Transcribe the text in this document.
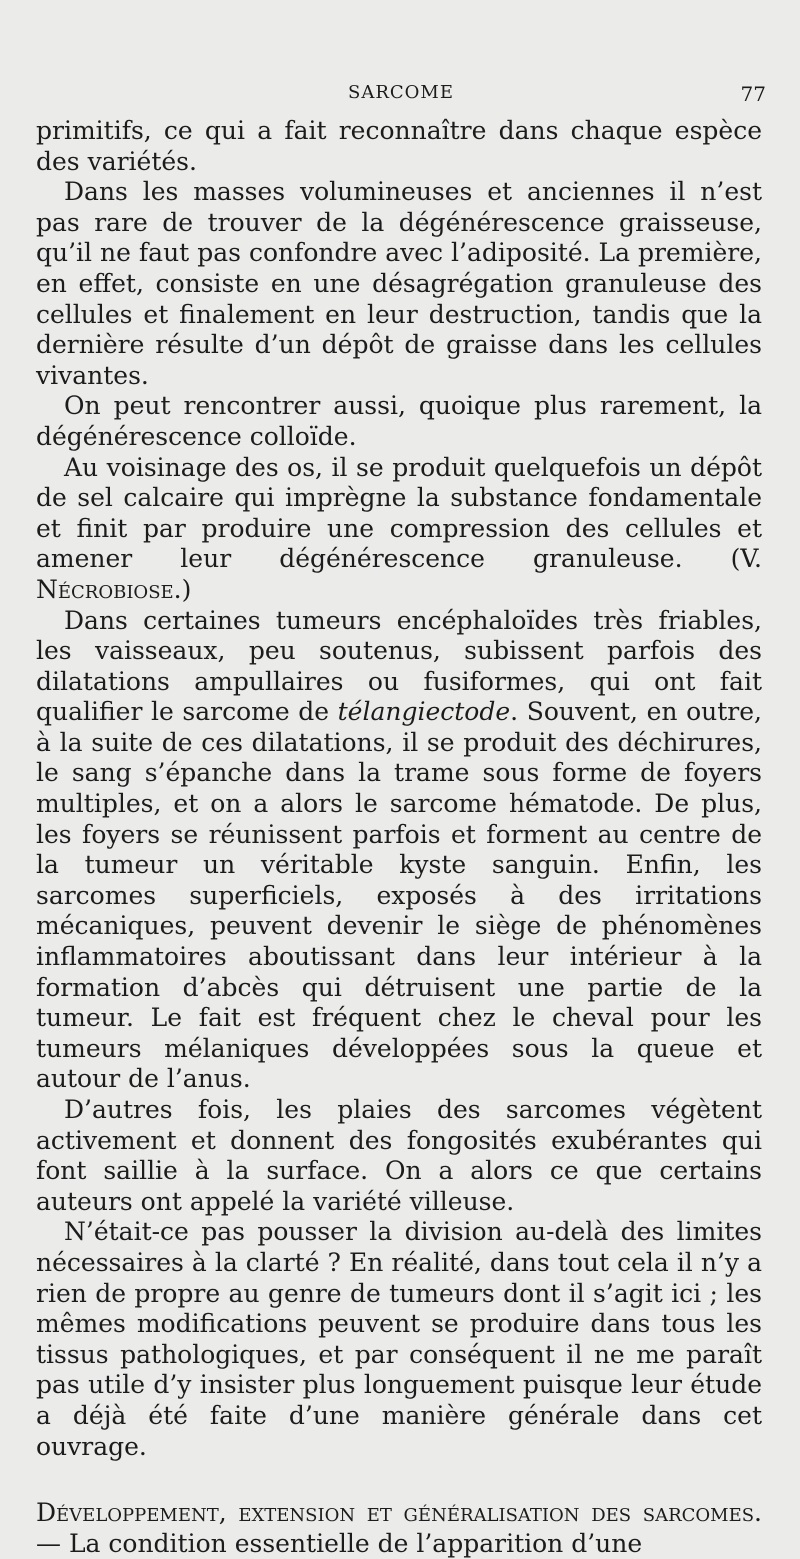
SARCOME	77

primitifs, ce qui a fait reconnaître dans chaque espèce des variétés.

Dans les masses volumineuses et anciennes il n’est pas rare de trouver de la dégénérescence graisseuse, qu’il ne faut pas confondre avec l’adiposité. La première, en effet, consiste en une désagrégation granuleuse des cellules et finalement en leur destruction, tandis que la dernière résulte d’un dépôt de graisse dans les cellules vivantes.

On peut rencontrer aussi, quoique plus rarement, la dégénérescence colloïde.

Au voisinage des os, il se produit quelquefois un dépôt de sel calcaire qui imprègne la substance fondamentale et finit par produire une compression des cellules et amener leur dégénérescence granuleuse. (V. Nécrobiose.)

Dans certaines tumeurs encéphaloïdes très friables, les vaisseaux, peu soutenus, subissent parfois des dilatations ampullaires ou fusiformes, qui ont fait qualifier le sarcome de télangiectode. Souvent, en outre, à la suite de ces dilatations, il se produit des déchirures, le sang s’épanche dans la trame sous forme de foyers multiples, et on a alors le sarcome hématode. De plus, les foyers se réunissent parfois et forment au centre de la tumeur un véritable kyste sanguin. Enfin, les sarcomes superficiels, exposés à des irritations mécaniques, peuvent devenir le siège de phénomènes inflammatoires aboutissant dans leur intérieur à la formation d’abcès qui détruisent une partie de la tumeur. Le fait est fréquent chez le cheval pour les tumeurs mélaniques développées sous la queue et autour de l’anus.

D’autres fois, les plaies des sarcomes végètent activement et donnent des fongosités exubérantes qui font saillie à la surface. On a alors ce que certains auteurs ont appelé la variété villeuse.

N’était-ce pas pousser la division au-delà des limites nécessaires à la clarté ? En réalité, dans tout cela il n’y a rien de propre au genre de tumeurs dont il s’agit ici ; les mêmes modifications peuvent se produire dans tous les tissus pathologiques, et par conséquent il ne me paraît pas utile d’y insister plus longuement puisque leur étude a déjà été faite d’une manière générale dans cet ouvrage.

Développement, extension et généralisation des sarcomes. — La condition essentielle de l’apparition d’une
